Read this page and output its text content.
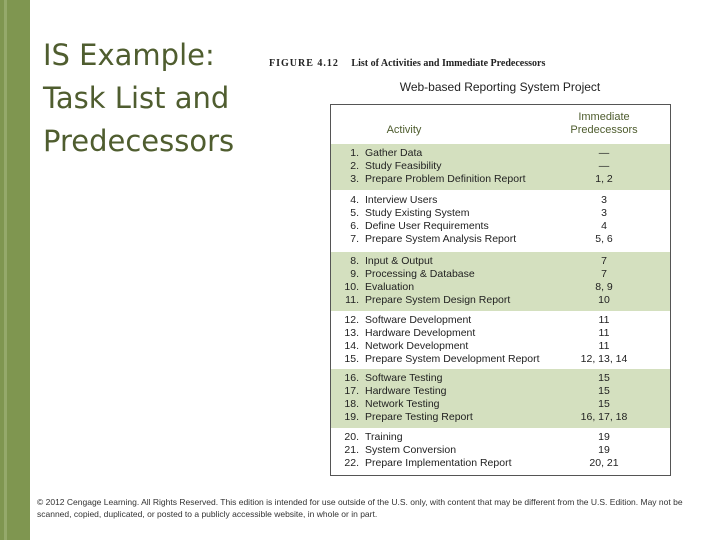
IS Example:
Task List and
Predecessors
FIGURE 4.12 List of Activities and Immediate Predecessors
Web-based Reporting System Project
Activity
Immediate
Predecessors
1. Gather Data	—
2. Study Feasibility	—
3. Prepare Problem Definition Report	1, 2
4. Interview Users	3
5. Study Existing System	3
6. Define User Requirements	4
7. Prepare System Analysis Report	5, 6
8. Input & Output	7
9. Processing & Database	7
10. Evaluation	8, 9
11. Prepare System Design Report	10
12. Software Development	11
13. Hardware Development	11
14. Network Development	11
15. Prepare System Development Report	12, 13, 14
16. Software Testing	15
17. Hardware Testing	15
18. Network Testing	15
19. Prepare Testing Report	16, 17, 18
20. Training	19
21. System Conversion	19
22. Prepare Implementation Report	20, 21
© 2012 Cengage Learning. All Rights Reserved. This edition is intended for use outside of the U.S. only, with content that may be different from the U.S. Edition. May not be scanned, copied, duplicated, or posted to a publicly accessible website, in whole or in part.
